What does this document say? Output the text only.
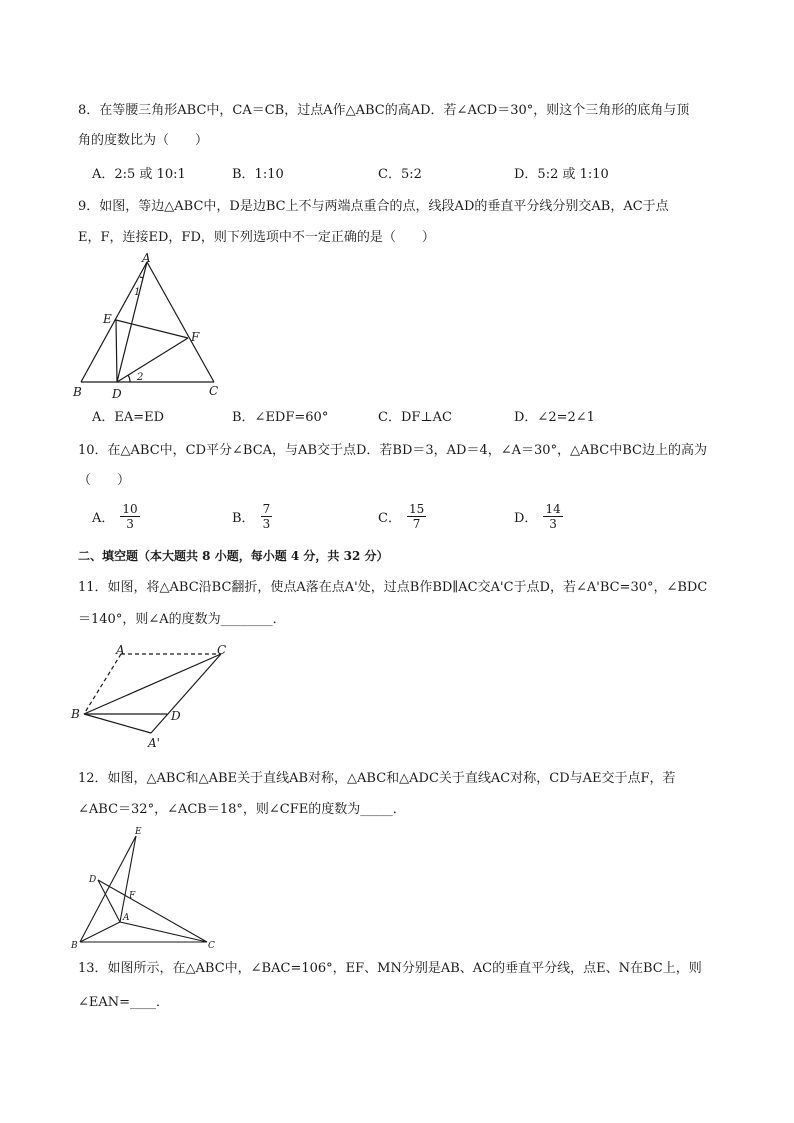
8．在等腰三角形ABC中，CA＝CB，过点A作△ABC的高AD．若∠ACD＝30°，则这个三角形的底角与顶
角的度数比为（　　）
A．2:5 或 10:1	B．1:10	C．5:2	D．5:2 或 1:10
9．如图，等边△ABC中，D是边BC上不与两端点重合的点，线段AD的垂直平分线分别交AB，AC于点
E，F，连接ED，FD，则下列选项中不一定正确的是（　　）
A
B	C
D
E
F
1
2
A．EA=ED	B．∠EDF=60°	C．DF⊥AC	D．∠2=2∠1
10．在△ABC中，CD平分∠BCA，与AB交于点D．若BD＝3，AD＝4，∠A＝30°，△ABC中BC边上的高为
（　　）
A． $\frac{10}{3}$	B． $\frac{7}{3}$	C． $\frac{15}{7}$	D． $\frac{14}{3}$
二、填空题（本大题共 8 小题，每小题 4 分，共 32 分）
11．如图，将△ABC沿BC翻折，使点A落在点A'处，过点B作BD∥AC交A'C于点D，若∠A'BC=30°，∠BDC
＝140°，则∠A的度数为________．
A	C
B	D
A'
12．如图，△ABC和△ABE关于直线AB对称，△ABC和△ADC关于直线AC对称，CD与AE交于点F，若
∠ABC＝32°，∠ACB＝18°，则∠CFE的度数为_____．
E
D
F
A
B	C
13．如图所示，在△ABC中，∠BAC=106°，EF、MN分别是AB、AC的垂直平分线，点E、N在BC上，则
∠EAN=____．
